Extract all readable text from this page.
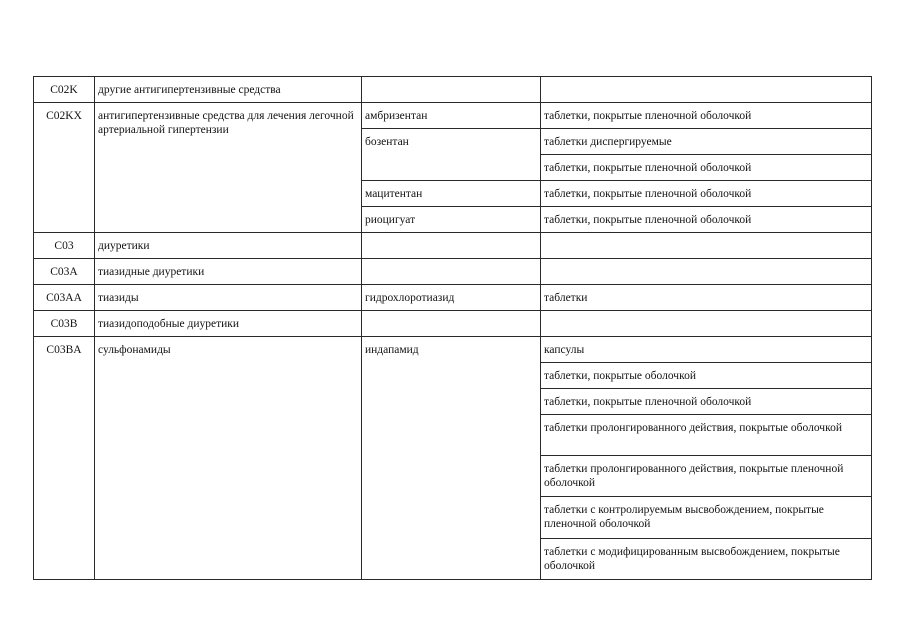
C02K	другие антигипертензивные средства		
C02KX	антигипертензивные средства для лечения легочной артериальной гипертензии	амбризентан	таблетки, покрытые пленочной оболочкой
		бозентан	таблетки диспергируемые
			таблетки, покрытые пленочной оболочкой
		мацитентан	таблетки, покрытые пленочной оболочкой
		риоцигуат	таблетки, покрытые пленочной оболочкой
C03	диуретики		
C03A	тиазидные диуретики		
C03AA	тиазиды	гидрохлоротиазид	таблетки
C03B	тиазидоподобные диуретики		
C03BA	сульфонамиды	индапамид	капсулы
			таблетки, покрытые оболочкой
			таблетки, покрытые пленочной оболочкой
			таблетки пролонгированного действия, покрытые оболочкой
			таблетки пролонгированного действия, покрытые пленочной оболочкой
			таблетки с контролируемым высвобождением, покрытые пленочной оболочкой
			таблетки с модифицированным высвобождением, покрытые оболочкой
